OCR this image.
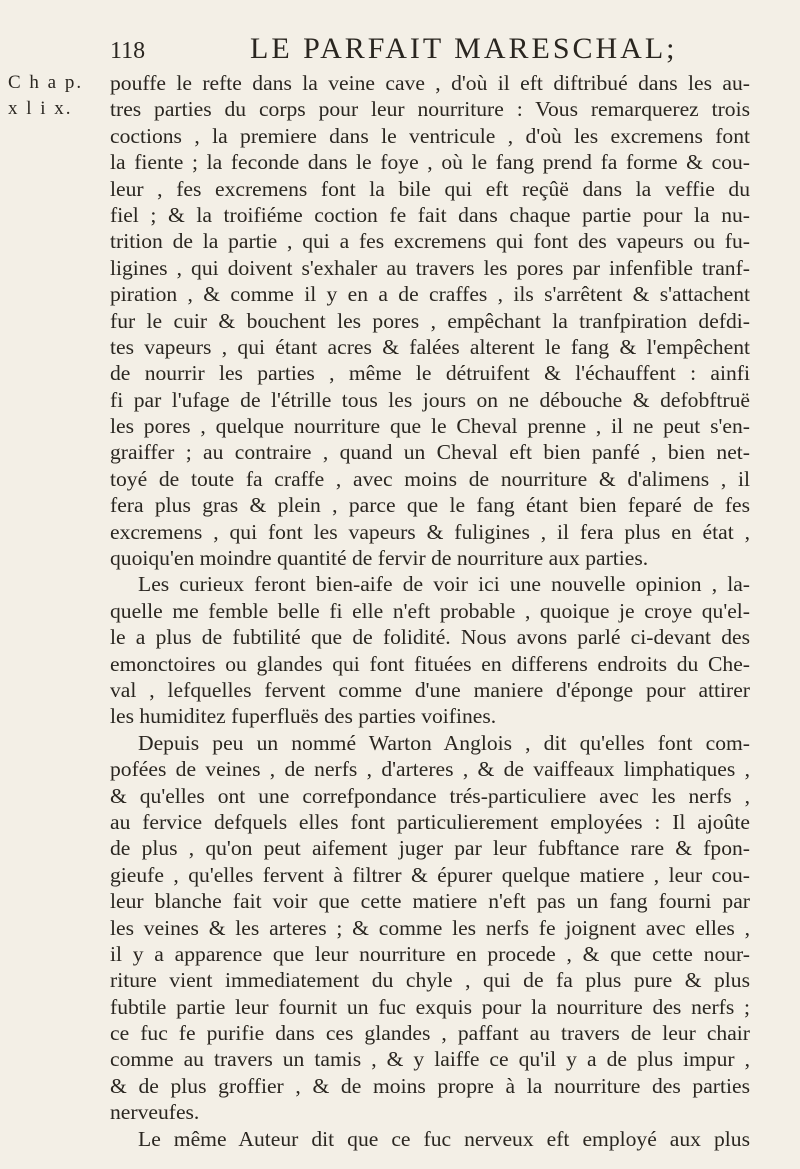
118	LE PARFAIT MARESCHAL;
C h a p.
x l i x.
pouffe le refte dans la veine cave , d'où il eft diftribué dans les au-
tres parties du corps pour leur nourriture : Vous remarquerez trois
coctions , la premiere dans le ventricule , d'où les excremens font
la fiente ; la feconde dans le foye , où le fang prend fa forme & cou-
leur , fes excremens font la bile qui eft reçûë dans la veffie du
fiel ; & la troifiéme coction fe fait dans chaque partie pour la nu-
trition de la partie , qui a fes excremens qui font des vapeurs ou fu-
ligines , qui doivent s'exhaler au travers les pores par infenfible tranf-
piration , & comme il y en a de craffes , ils s'arrêtent & s'attachent
fur le cuir & bouchent les pores , empêchant la tranfpiration defdi-
tes vapeurs , qui étant acres & falées alterent le fang & l'empêchent
de nourrir les parties , même le détruifent & l'échauffent : ainfi
fi par l'ufage de l'étrille tous les jours on ne débouche & defobftruë
les pores , quelque nourriture que le Cheval prenne , il ne peut s'en-
graiffer ; au contraire , quand un Cheval eft bien panfé , bien net-
toyé de toute fa craffe , avec moins de nourriture & d'alimens , il
fera plus gras & plein , parce que le fang étant bien feparé de fes
excremens , qui font les vapeurs & fuligines , il fera plus en état ,
quoiqu'en moindre quantité de fervir de nourriture aux parties.
Les curieux feront bien-aife de voir ici une nouvelle opinion , la-
quelle me femble belle fi elle n'eft probable , quoique je croye qu'el-
le a plus de fubtilité que de folidité. Nous avons parlé ci-devant des
emonctoires ou glandes qui font fituées en differens endroits du Che-
val , lefquelles fervent comme d'une maniere d'éponge pour attirer
les humiditez fuperfluës des parties voifines.
Depuis peu un nommé Warton Anglois , dit qu'elles font com-
pofées de veines , de nerfs , d'arteres , & de vaiffeaux limphatiques ,
& qu'elles ont une correfpondance trés-particuliere avec les nerfs ,
au fervice defquels elles font particulierement employées : Il ajoûte
de plus , qu'on peut aifement juger par leur fubftance rare & fpon-
gieufe , qu'elles fervent à filtrer & épurer quelque matiere , leur cou-
leur blanche fait voir que cette matiere n'eft pas un fang fourni par
les veines & les arteres ; & comme les nerfs fe joignent avec elles ,
il y a apparence que leur nourriture en procede , & que cette nour-
riture vient immediatement du chyle , qui de fa plus pure & plus
fubtile partie leur fournit un fuc exquis pour la nourriture des nerfs ;
ce fuc fe purifie dans ces glandes , paffant au travers de leur chair
comme au travers un tamis , & y laiffe ce qu'il y a de plus impur ,
& de plus groffier , & de moins propre à la nourriture des parties
nerveufes.
Le même Auteur dit que ce fuc nerveux eft employé aux plus
